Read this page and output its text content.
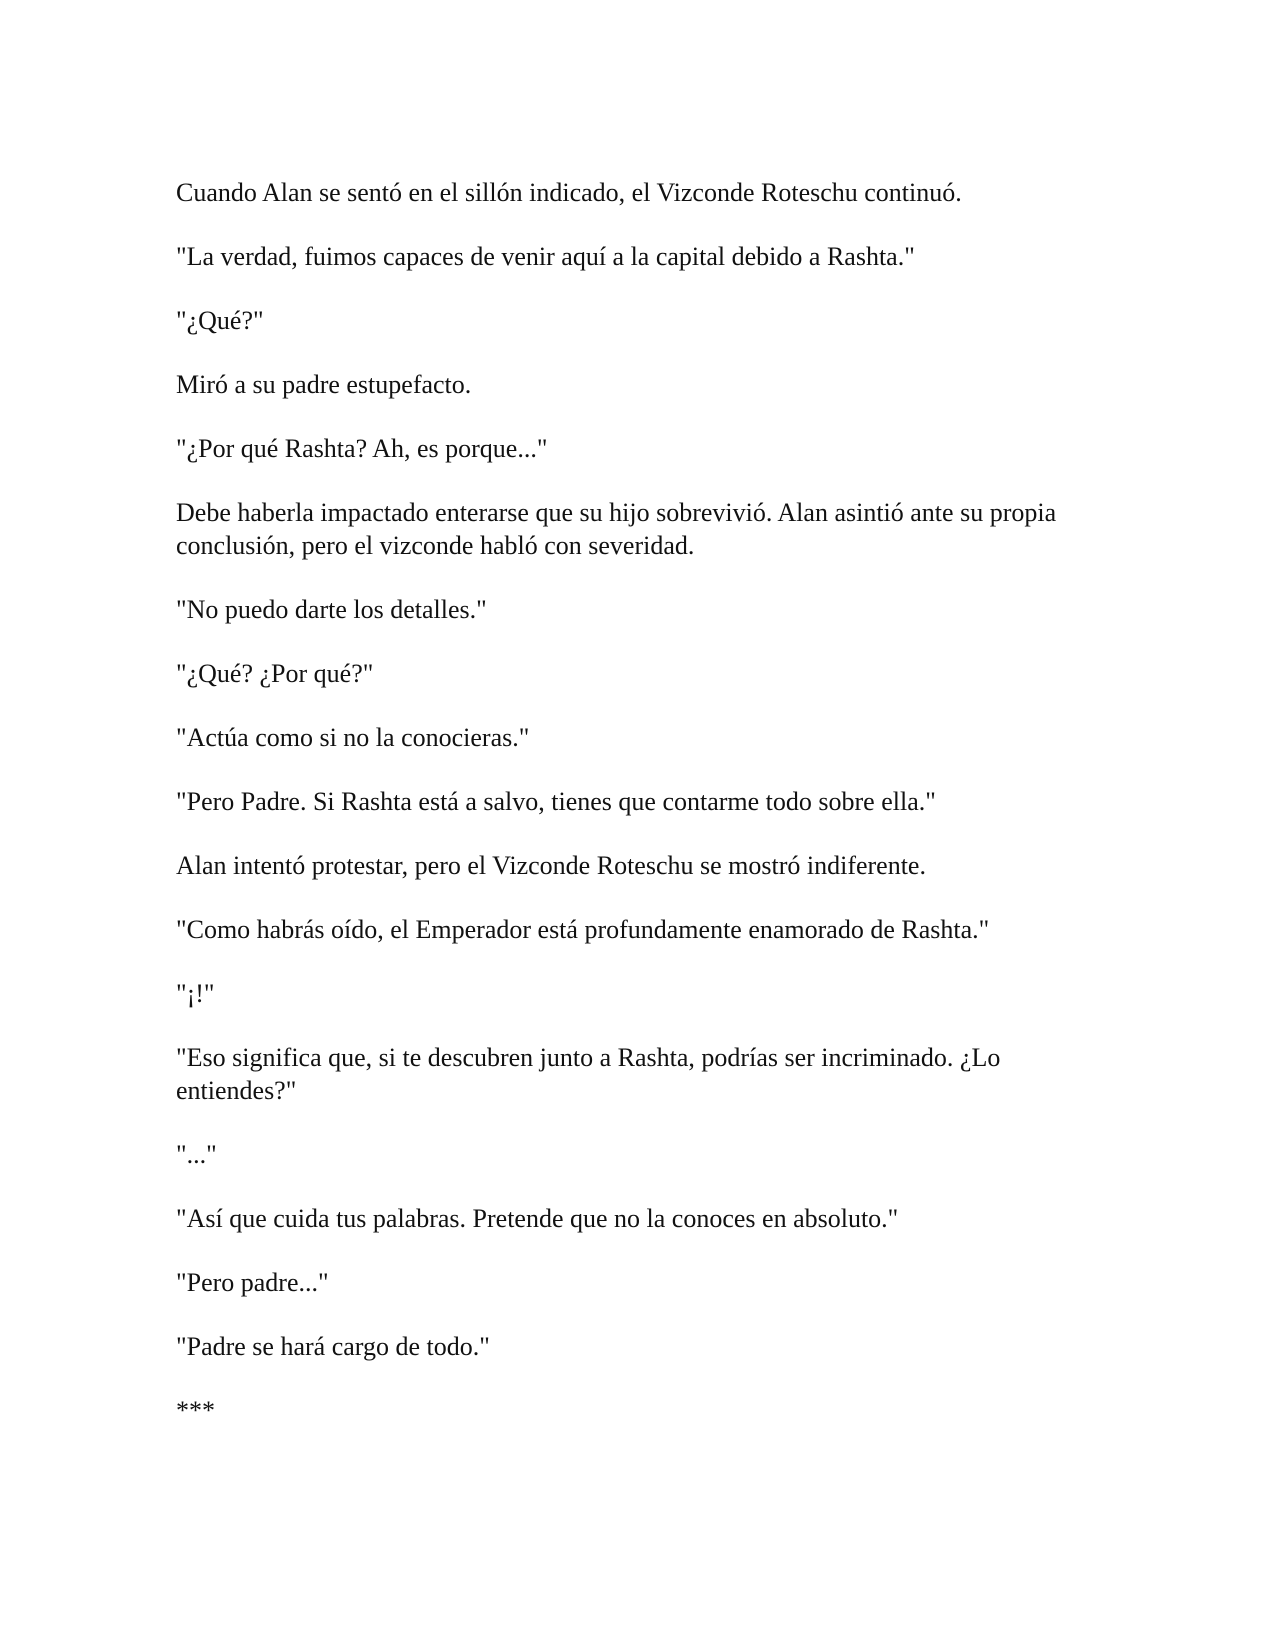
Cuando Alan se sentó en el sillón indicado, el Vizconde Roteschu continuó.

"La verdad, fuimos capaces de venir aquí a la capital debido a Rashta."

"¿Qué?"

Miró a su padre estupefacto.

"¿Por qué Rashta? Ah, es porque..."

Debe haberla impactado enterarse que su hijo sobrevivió. Alan asintió ante su propia conclusión, pero el vizconde habló con severidad.

"No puedo darte los detalles."

"¿Qué? ¿Por qué?"

"Actúa como si no la conocieras."

"Pero Padre. Si Rashta está a salvo, tienes que contarme todo sobre ella."

Alan intentó protestar, pero el Vizconde Roteschu se mostró indiferente.

"Como habrás oído, el Emperador está profundamente enamorado de Rashta."

"¡!"

"Eso significa que, si te descubren junto a Rashta, podrías ser incriminado. ¿Lo entiendes?"

"..."

"Así que cuida tus palabras. Pretende que no la conoces en absoluto."

"Pero padre..."

"Padre se hará cargo de todo."

***
